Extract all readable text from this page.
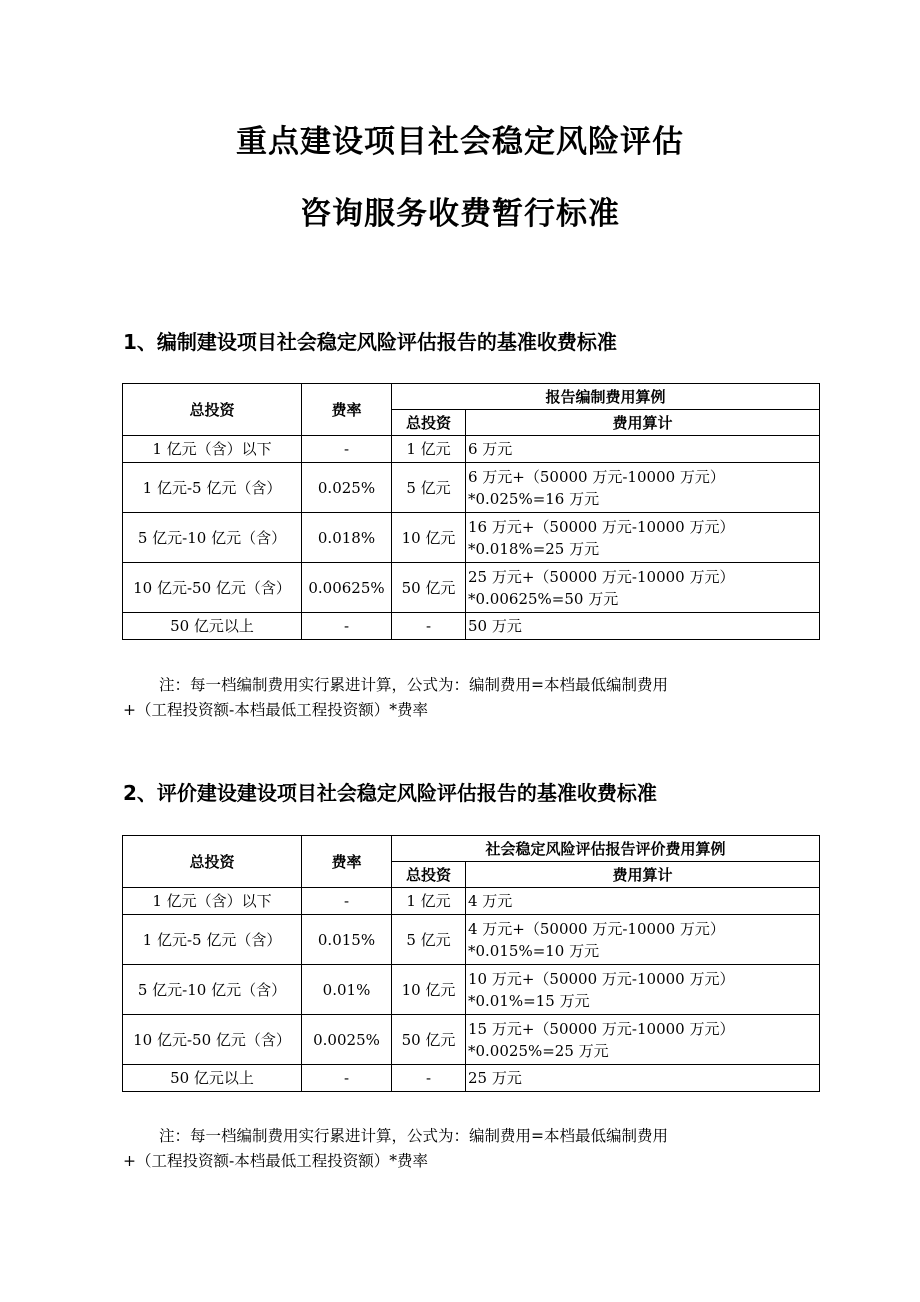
重点建设项目社会稳定风险评估
咨询服务收费暂行标准
1、编制建设项目社会稳定风险评估报告的基准收费标准
总投资	费率	报告编制费用算例	
		总投资	费用算计
1 亿元（含）以下	-	1 亿元	6 万元
1 亿元-5 亿元（含）	0.025%	5 亿元	6 万元+（50000 万元-10000 万元）
*0.025%=16 万元

5 亿元-10 亿元（含）	0.018%	10 亿元	16 万元+（50000 万元-10000 万元）
*0.018%=25 万元

10 亿元-50 亿元（含）	0.00625%	50 亿元	25 万元+（50000 万元-10000 万元）
*0.00625%=50 万元

50 亿元以上	-	-	50 万元
注：每一档编制费用实行累进计算，公式为：编制费用=本档最低编制费用
+（工程投资额-本档最低工程投资额）*费率
2、评价建设建设项目社会稳定风险评估报告的基准收费标准
总投资	费率	社会稳定风险评估报告评价费用算例	
		总投资	费用算计
1 亿元（含）以下	-	1 亿元	4 万元
1 亿元-5 亿元（含）	0.015%	5 亿元	4 万元+（50000 万元-10000 万元）
*0.015%=10 万元

5 亿元-10 亿元（含）	0.01%	10 亿元	10 万元+（50000 万元-10000 万元）
*0.01%=15 万元

10 亿元-50 亿元（含）	0.0025%	50 亿元	15 万元+（50000 万元-10000 万元）
*0.0025%=25 万元

50 亿元以上	-	-	25 万元
注：每一档编制费用实行累进计算，公式为：编制费用=本档最低编制费用
+（工程投资额-本档最低工程投资额）*费率
